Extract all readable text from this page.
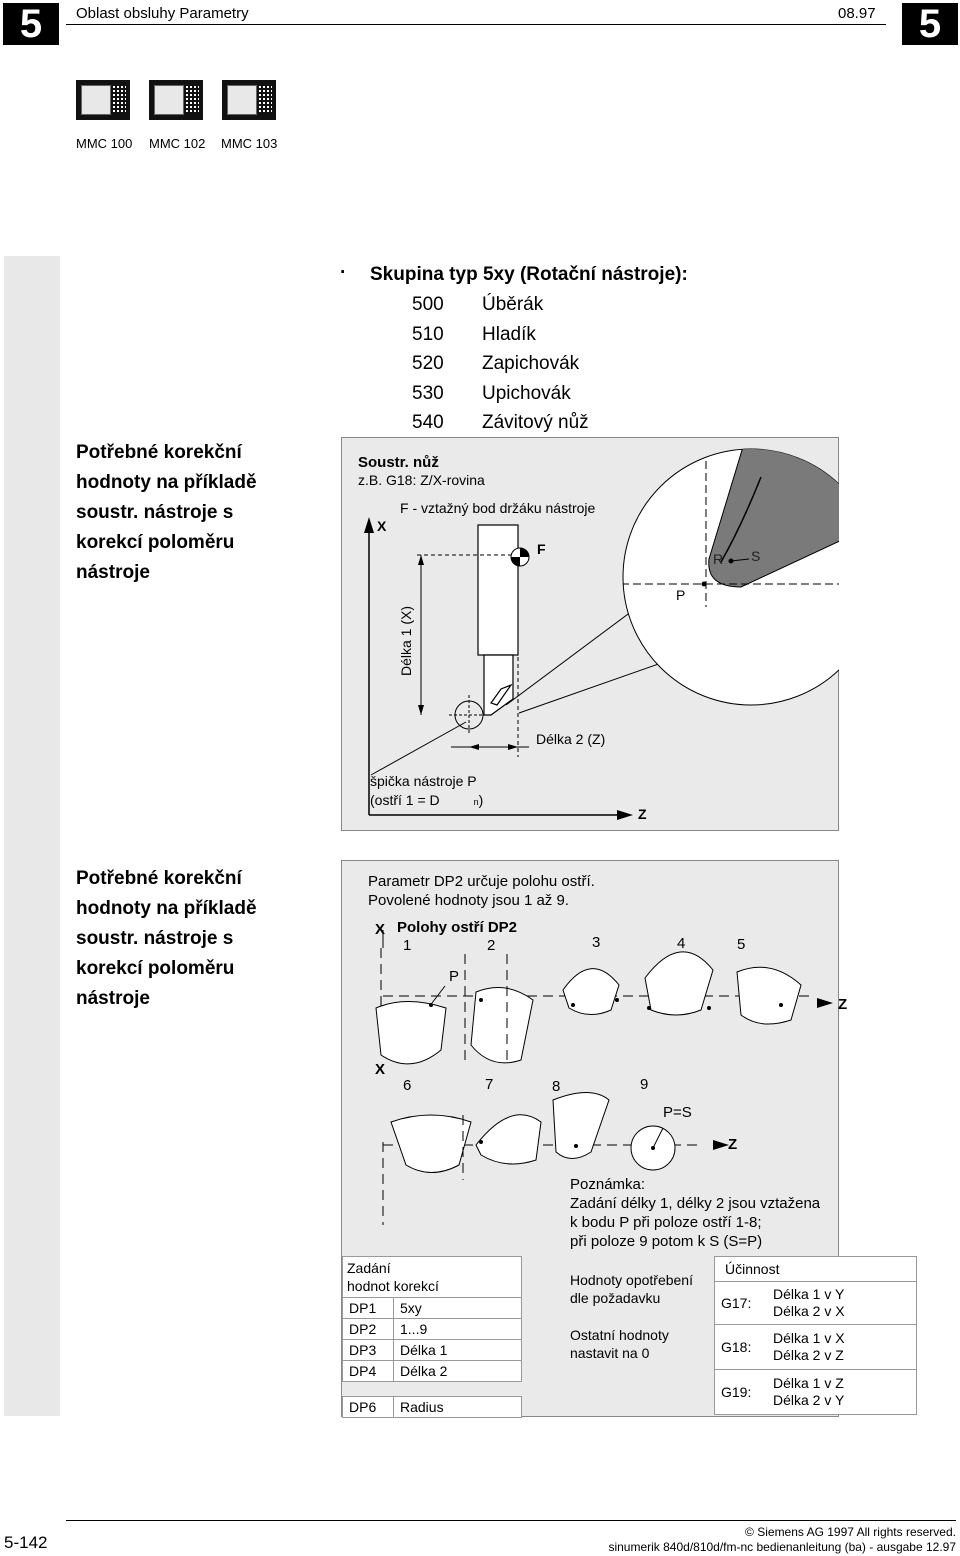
5	Oblast obsluhy Parametry	08.97	5
MMC 100 MMC 102 MMC 103
Potřebné korekční
hodnoty na příkladě
soustr. nástroje s
korekcí poloměru
nástroje
Potřebné korekční
hodnoty na příkladě
soustr. nástroje s
korekcí poloměru
nástroje
· Skupina typ 5xy (Rotační nástroje):
500	Úběrák
510	Hladík
520	Zapichovák
530	Upichovák
540	Závitový nůž
Soustr. nůž
z.B. G18: Z/X-rovina
F - vztažný bod držáku nástroje
X
F
Délka 1 (X)
Délka 2 (Z)
špička nástroje P
(ostří 1 = D	n)
Z
R S
P
Parametr DP2 určuje polohu ostří.
Povolené hodnoty jsou 1 až 9.
X Polohy ostří DP2
1	2	3	4	5
P
Z
X
6	7	8	9
P=S
Z
Poznámka:
Zadání délky 1, délky 2 jsou vztažena
k bodu P při poloze ostří 1-8;
při poloze 9 potom k S (S=P)
Zadání
hodnot korekcí
DP1	5xy
DP2	1...9
DP3	Délka 1
DP4	Délka 2
DP6	Radius
Hodnoty opotřebení
dle požadavku
Ostatní hodnoty
nastavit na 0
Účinnost
G17:
Délka 1 v Y
Délka 2 v X
G18:
Délka 1 v X
Délka 2 v Z
G19:
Délka 1 v Z
Délka 2 v Y
5-142
© Siemens AG 1997 All rights reserved.
sinumerik 840d/810d/fm-nc bedienanleitung (ba) - ausgabe 12.97
